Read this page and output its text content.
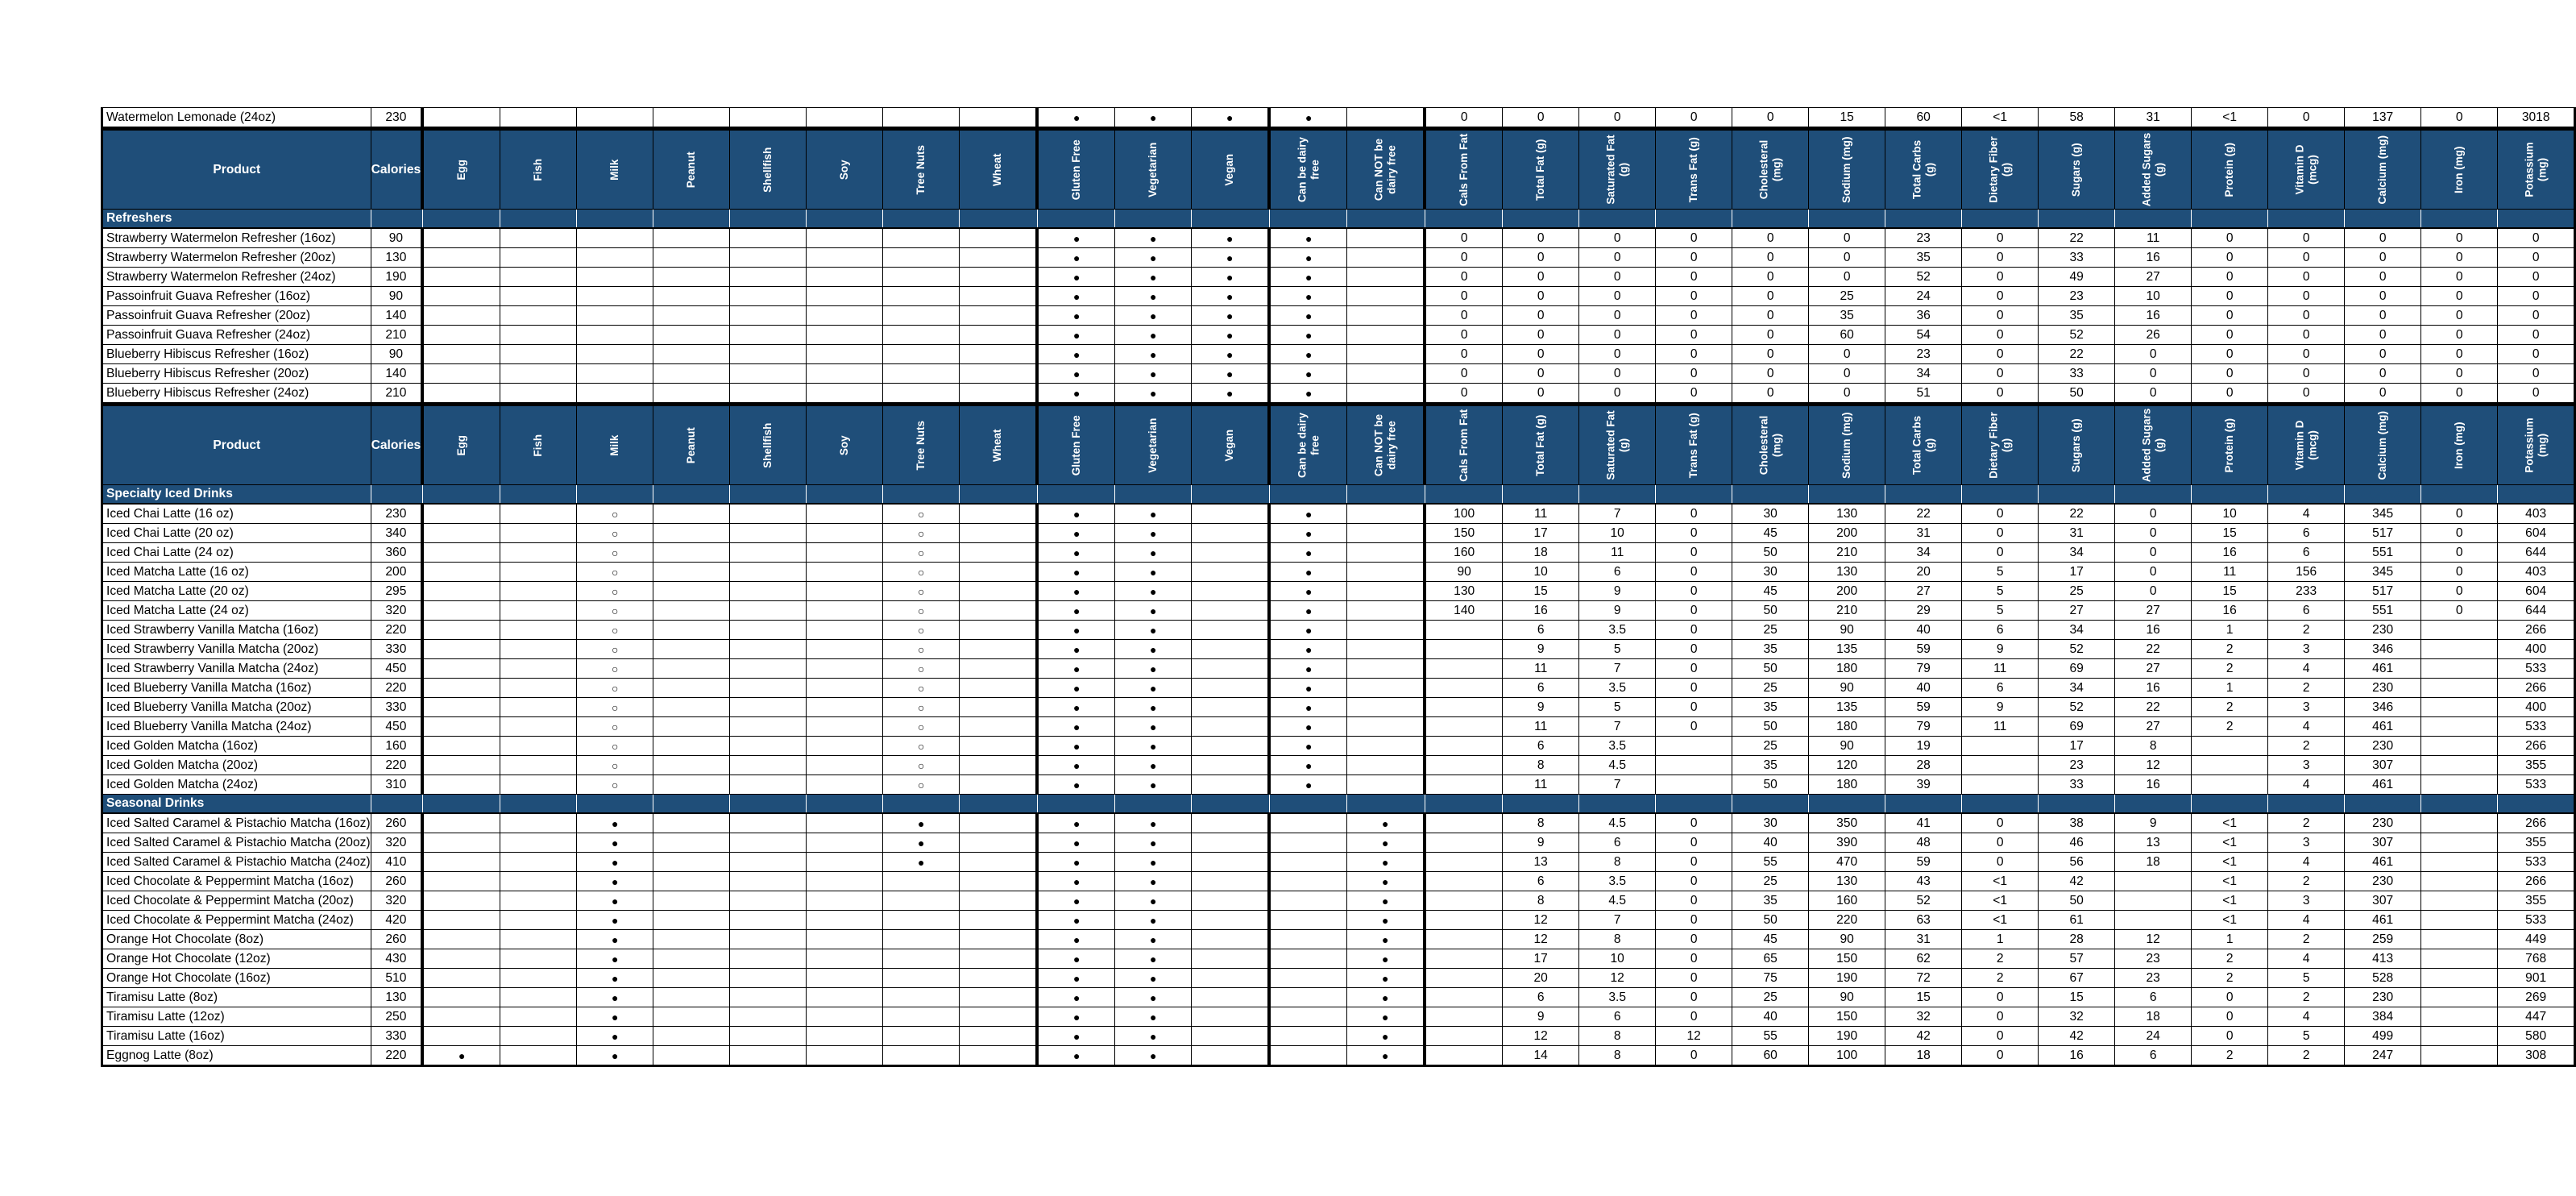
Watermelon Lemonade (24oz)	230									●	●	●	●		0	0	0	0	0	15	60	<1	58	31	<1	0	137	0	3018
Product	Calories	Egg	Fish	Milk	Peanut	Shellfish	Soy	Tree Nuts	Wheat	Gluten Free	Vegetarian	Vegan	Can be dairy free	Can NOT be dairy free	Cals From Fat	Total Fat (g)	Saturated Fat (g)	Trans Fat (g)	Cholesteral (mg)	Sodium (mg)	Total Carbs (g)	Dietary Fiber (g)	Sugars (g)	Added Sugars (g)	Protein (g)	Vitamin D (mcg)	Calcium (mg)	Iron (mg)	Potassium (mg)

Refreshers																													
Strawberry Watermelon Refresher (16oz)	90									●	●	●	●		0	0	0	0	0	0	23	0	22	11	0	0	0	0	0
Strawberry Watermelon Refresher (20oz)	130									●	●	●	●		0	0	0	0	0	0	35	0	33	16	0	0	0	0	0
Strawberry Watermelon Refresher (24oz)	190									●	●	●	●		0	0	0	0	0	0	52	0	49	27	0	0	0	0	0
Passoinfruit Guava Refresher (16oz)	90									●	●	●	●		0	0	0	0	0	25	24	0	23	10	0	0	0	0	0
Passoinfruit Guava Refresher (20oz)	140									●	●	●	●		0	0	0	0	0	35	36	0	35	16	0	0	0	0	0
Passoinfruit Guava Refresher (24oz)	210									●	●	●	●		0	0	0	0	0	60	54	0	52	26	0	0	0	0	0
Blueberry Hibiscus Refresher (16oz)	90									●	●	●	●		0	0	0	0	0	0	23	0	22	0	0	0	0	0	0
Blueberry Hibiscus Refresher (20oz)	140									●	●	●	●		0	0	0	0	0	0	34	0	33	0	0	0	0	0	0
Blueberry Hibiscus Refresher (24oz)	210									●	●	●	●		0	0	0	0	0	0	51	0	50	0	0	0	0	0	0
Product	Calories	Egg	Fish	Milk	Peanut	Shellfish	Soy	Tree Nuts	Wheat	Gluten Free	Vegetarian	Vegan	Can be dairy free	Can NOT be dairy free	Cals From Fat	Total Fat (g)	Saturated Fat (g)	Trans Fat (g)	Cholesteral (mg)	Sodium (mg)	Total Carbs (g)	Dietary Fiber (g)	Sugars (g)	Added Sugars (g)	Protein (g)	Vitamin D (mcg)	Calcium (mg)	Iron (mg)	Potassium (mg)

Specialty Iced Drinks																													
Iced Chai Latte (16 oz)	230			○				○		●	●		●		100	11	7	0	30	130	22	0	22	0	10	4	345	0	403
Iced Chai Latte (20 oz)	340			○				○		●	●		●		150	17	10	0	45	200	31	0	31	0	15	6	517	0	604
Iced Chai Latte (24 oz)	360			○				○		●	●		●		160	18	11	0	50	210	34	0	34	0	16	6	551	0	644
Iced Matcha Latte (16 oz)	200			○				○		●	●		●		90	10	6	0	30	130	20	5	17	0	11	156	345	0	403
Iced Matcha Latte (20 oz)	295			○				○		●	●		●		130	15	9	0	45	200	27	5	25	0	15	233	517	0	604
Iced Matcha Latte (24 oz)	320			○				○		●	●		●		140	16	9	0	50	210	29	5	27	27	16	6	551	0	644
Iced Strawberry Vanilla Matcha (16oz)	220			○				○		●	●		●			6	3.5	0	25	90	40	6	34	16	1	2	230		266
Iced Strawberry Vanilla Matcha (20oz)	330			○				○		●	●		●			9	5	0	35	135	59	9	52	22	2	3	346		400
Iced Strawberry Vanilla Matcha (24oz)	450			○				○		●	●		●			11	7	0	50	180	79	11	69	27	2	4	461		533
Iced Blueberry Vanilla Matcha (16oz)	220			○				○		●	●		●			6	3.5	0	25	90	40	6	34	16	1	2	230		266
Iced Blueberry Vanilla Matcha (20oz)	330			○				○		●	●		●			9	5	0	35	135	59	9	52	22	2	3	346		400
Iced Blueberry Vanilla Matcha (24oz)	450			○				○		●	●		●			11	7	0	50	180	79	11	69	27	2	4	461		533
Iced Golden Matcha (16oz)	160			○				○		●	●		●			6	3.5		25	90	19		17	8		2	230		266
Iced Golden Matcha (20oz)	220			○				○		●	●		●			8	4.5		35	120	28		23	12		3	307		355
Iced Golden Matcha (24oz)	310			○				○		●	●		●			11	7		50	180	39		33	16		4	461		533
Seasonal Drinks																													
Iced Salted Caramel & Pistachio Matcha (16oz)	260			●				●		●	●			●		8	4.5	0	30	350	41	0	38	9	<1	2	230		266
Iced Salted Caramel & Pistachio Matcha (20oz)	320			●				●		●	●			●		9	6	0	40	390	48	0	46	13	<1	3	307		355
Iced Salted Caramel & Pistachio Matcha (24oz)	410			●				●		●	●			●		13	8	0	55	470	59	0	56	18	<1	4	461		533
Iced Chocolate & Peppermint Matcha (16oz)	260			●						●	●			●		6	3.5	0	25	130	43	<1	42		<1	2	230		266
Iced Chocolate & Peppermint Matcha (20oz)	320			●						●	●			●		8	4.5	0	35	160	52	<1	50		<1	3	307		355
Iced Chocolate & Peppermint Matcha (24oz)	420			●						●	●			●		12	7	0	50	220	63	<1	61		<1	4	461		533
Orange Hot Chocolate (8oz)	260			●						●	●			●		12	8	0	45	90	31	1	28	12	1	2	259		449
Orange Hot Chocolate (12oz)	430			●						●	●			●		17	10	0	65	150	62	2	57	23	2	4	413		768
Orange Hot Chocolate (16oz)	510			●						●	●			●		20	12	0	75	190	72	2	67	23	2	5	528		901
Tiramisu Latte (8oz)	130			●						●	●			●		6	3.5	0	25	90	15	0	15	6	0	2	230		269
Tiramisu Latte (12oz)	250			●						●	●			●		9	6	0	40	150	32	0	32	18	0	4	384		447
Tiramisu Latte (16oz)	330			●						●	●			●		12	8	12	55	190	42	0	42	24	0	5	499		580
Eggnog Latte (8oz)	220	●		●						●	●			●		14	8	0	60	100	18	0	16	6	2	2	247		308
